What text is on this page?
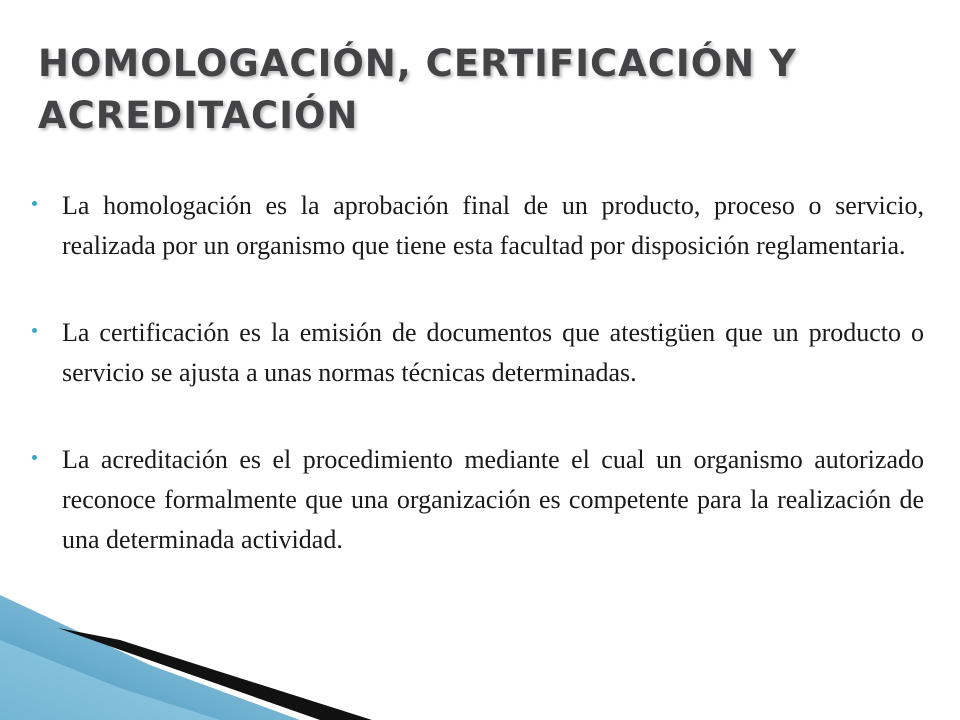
HOMOLOGACIÓN, CERTIFICACIÓN Y ACREDITACIÓN
La homologación es la aprobación final de un producto, proceso o servicio, realizada por un organismo que tiene esta facultad por disposición reglamentaria.
La certificación es la emisión de documentos que atestigüen que un producto o servicio se ajusta a unas normas técnicas determinadas.
La acreditación es el procedimiento mediante el cual un organismo autorizado reconoce formalmente que una organización es competente para la realización de una determinada actividad.
